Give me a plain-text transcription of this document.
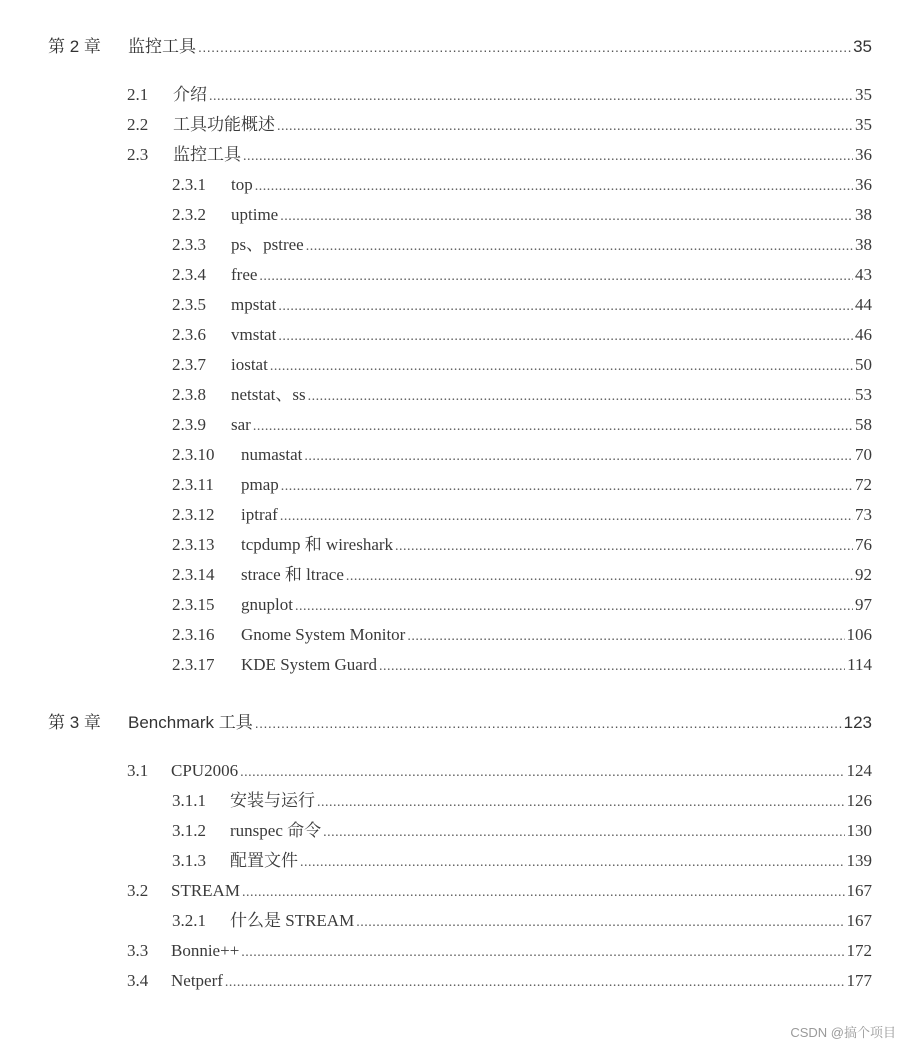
第 2 章	监控工具 .....	35
2.1	介绍 .....	35
2.2	工具功能概述 .....	35
2.3	监控工具 .....	36
2.3.1	top .....	36
2.3.2	uptime .....	38
2.3.3	ps、pstree .....	38
2.3.4	free .....	43
2.3.5	mpstat .....	44
2.3.6	vmstat .....	46
2.3.7	iostat .....	50
2.3.8	netstat、ss .....	53
2.3.9	sar .....	58
2.3.10	numastat .....	70
2.3.11	pmap .....	72
2.3.12	iptraf .....	73
2.3.13	tcpdump 和 wireshark .....	76
2.3.14	strace 和 ltrace .....	92
2.3.15	gnuplot .....	97
2.3.16	Gnome System Monitor .....	106
2.3.17	KDE System Guard .....	114
第 3 章	Benchmark 工具 .....	123
3.1	CPU2006 .....	124
3.1.1	安装与运行 .....	126
3.1.2	runspec 命令 .....	130
3.1.3	配置文件 .....	139
3.2	STREAM .....	167
3.2.1	什么是 STREAM .....	167
3.3	Bonnie++ .....	172
3.4	Netperf .....	177
CSDN @搞个项目
